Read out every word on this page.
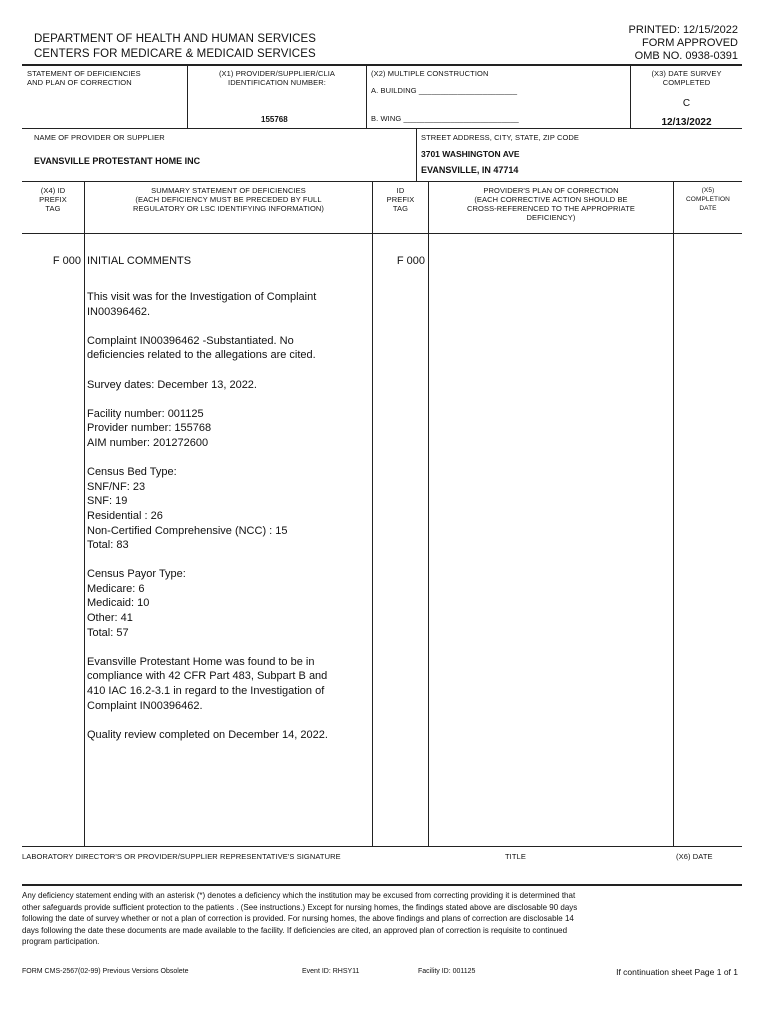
DEPARTMENT OF HEALTH AND HUMAN SERVICES
CENTERS FOR MEDICARE & MEDICAID SERVICES
PRINTED: 12/15/2022
FORM APPROVED
OMB NO. 0938-0391
STATEMENT OF DEFICIENCIES
AND PLAN OF CORRECTION
(X1) PROVIDER/SUPPLIER/CLIA
IDENTIFICATION NUMBER:
155768
(X2) MULTIPLE CONSTRUCTION
A. BUILDING _______________________
B. WING ___________________________
(X3) DATE SURVEY
COMPLETED
C
12/13/2022
NAME OF PROVIDER OR SUPPLIER
EVANSVILLE PROTESTANT HOME INC
STREET ADDRESS, CITY, STATE, ZIP CODE
3701 WASHINGTON AVE
EVANSVILLE, IN 47714
(X4) ID
PREFIX
TAG
SUMMARY STATEMENT OF DEFICIENCIES
(EACH DEFICIENCY MUST BE PRECEDED BY FULL
REGULATORY OR LSC IDENTIFYING INFORMATION)
ID
PREFIX
TAG
PROVIDER'S PLAN OF CORRECTION
(EACH CORRECTIVE ACTION SHOULD BE
CROSS-REFERENCED TO THE APPROPRIATE
DEFICIENCY)
(X5)
COMPLETION
DATE
F 000	F 000
INITIAL COMMENTS

This visit was for the Investigation of Complaint
IN00396462.

Complaint IN00396462 -Substantiated. No
deficiencies related to the allegations are cited.

Survey dates: December 13, 2022.

Facility number: 001125
Provider number: 155768
AIM number: 201272600

Census Bed Type:
SNF/NF: 23
SNF: 19
Residential : 26
Non-Certified Comprehensive (NCC) : 15
Total: 83

Census Payor Type:
Medicare: 6
Medicaid: 10
Other: 41
Total: 57

Evansville Protestant Home was found to be in
compliance with 42 CFR Part 483, Subpart B and
410 IAC 16.2-3.1 in regard to the Investigation of
Complaint IN00396462.

Quality review completed on December 14, 2022.

LABORATORY DIRECTOR'S OR PROVIDER/SUPPLIER REPRESENTATIVE'S SIGNATURE	TITLE	(X6) DATE
Any deficiency statement ending with an asterisk (*) denotes a deficiency which the institution may be excused from correcting providing it is determined that
other safeguards provide sufficient protection to the patients . (See instructions.) Except for nursing homes, the findings stated above are disclosable 90 days
following the date of survey whether or not a plan of correction is provided. For nursing homes, the above findings and plans of correction are disclosable 14
days following the date these documents are made available to the facility. If deficiencies are cited, an approved plan of correction is requisite to continued
program participation.
FORM CMS-2567(02-99) Previous Versions Obsolete	Event ID: RHSY11	Facility ID: 001125	If continuation sheet Page 1 of 1
